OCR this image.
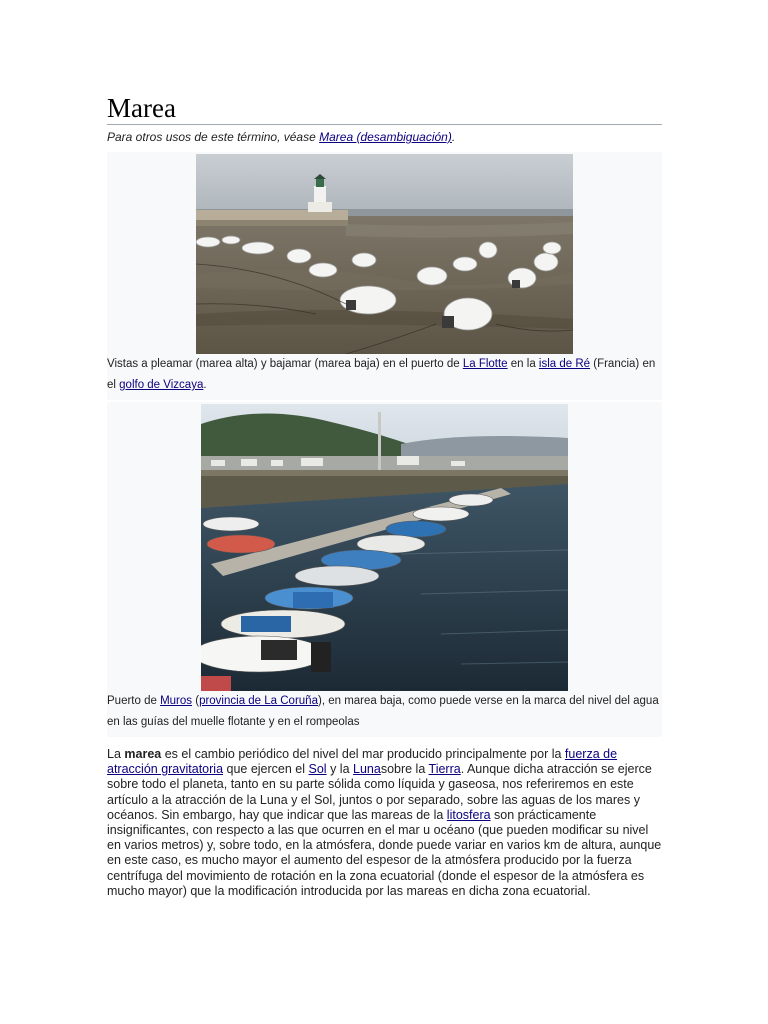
Marea
Para otros usos de este término, véase Marea (desambiguación).
Vistas a pleamar (marea alta) y bajamar (marea baja) en el puerto de La Flotte en la isla de Ré (Francia) en el golfo de Vizcaya.
Puerto de Muros (provincia de La Coruña), en marea baja, como puede verse en la marca del nivel del agua en las guías del muelle flotante y en el rompeolas

La marea es el cambio periódico del nivel del mar producido principalmente por la fuerza de atracción gravitatoria que ejercen el Sol y la Lunasobre la Tierra. Aunque dicha atracción se ejerce sobre todo el planeta, tanto en su parte sólida como líquida y gaseosa, nos referiremos en este artículo a la atracción de la Luna y el Sol, juntos o por separado, sobre las aguas de los mares y océanos. Sin embargo, hay que indicar que las mareas de la litosfera son prácticamente insignificantes, con respecto a las que ocurren en el mar u océano (que pueden modificar su nivel en varios metros) y, sobre todo, en la atmósfera, donde puede variar en varios km de altura, aunque en este caso, es mucho mayor el aumento del espesor de la atmósfera producido por la fuerza centrífuga del movimiento de rotación en la zona ecuatorial (donde el espesor de la atmósfera es mucho mayor) que la modificación introducida por las mareas en dicha zona ecuatorial.
